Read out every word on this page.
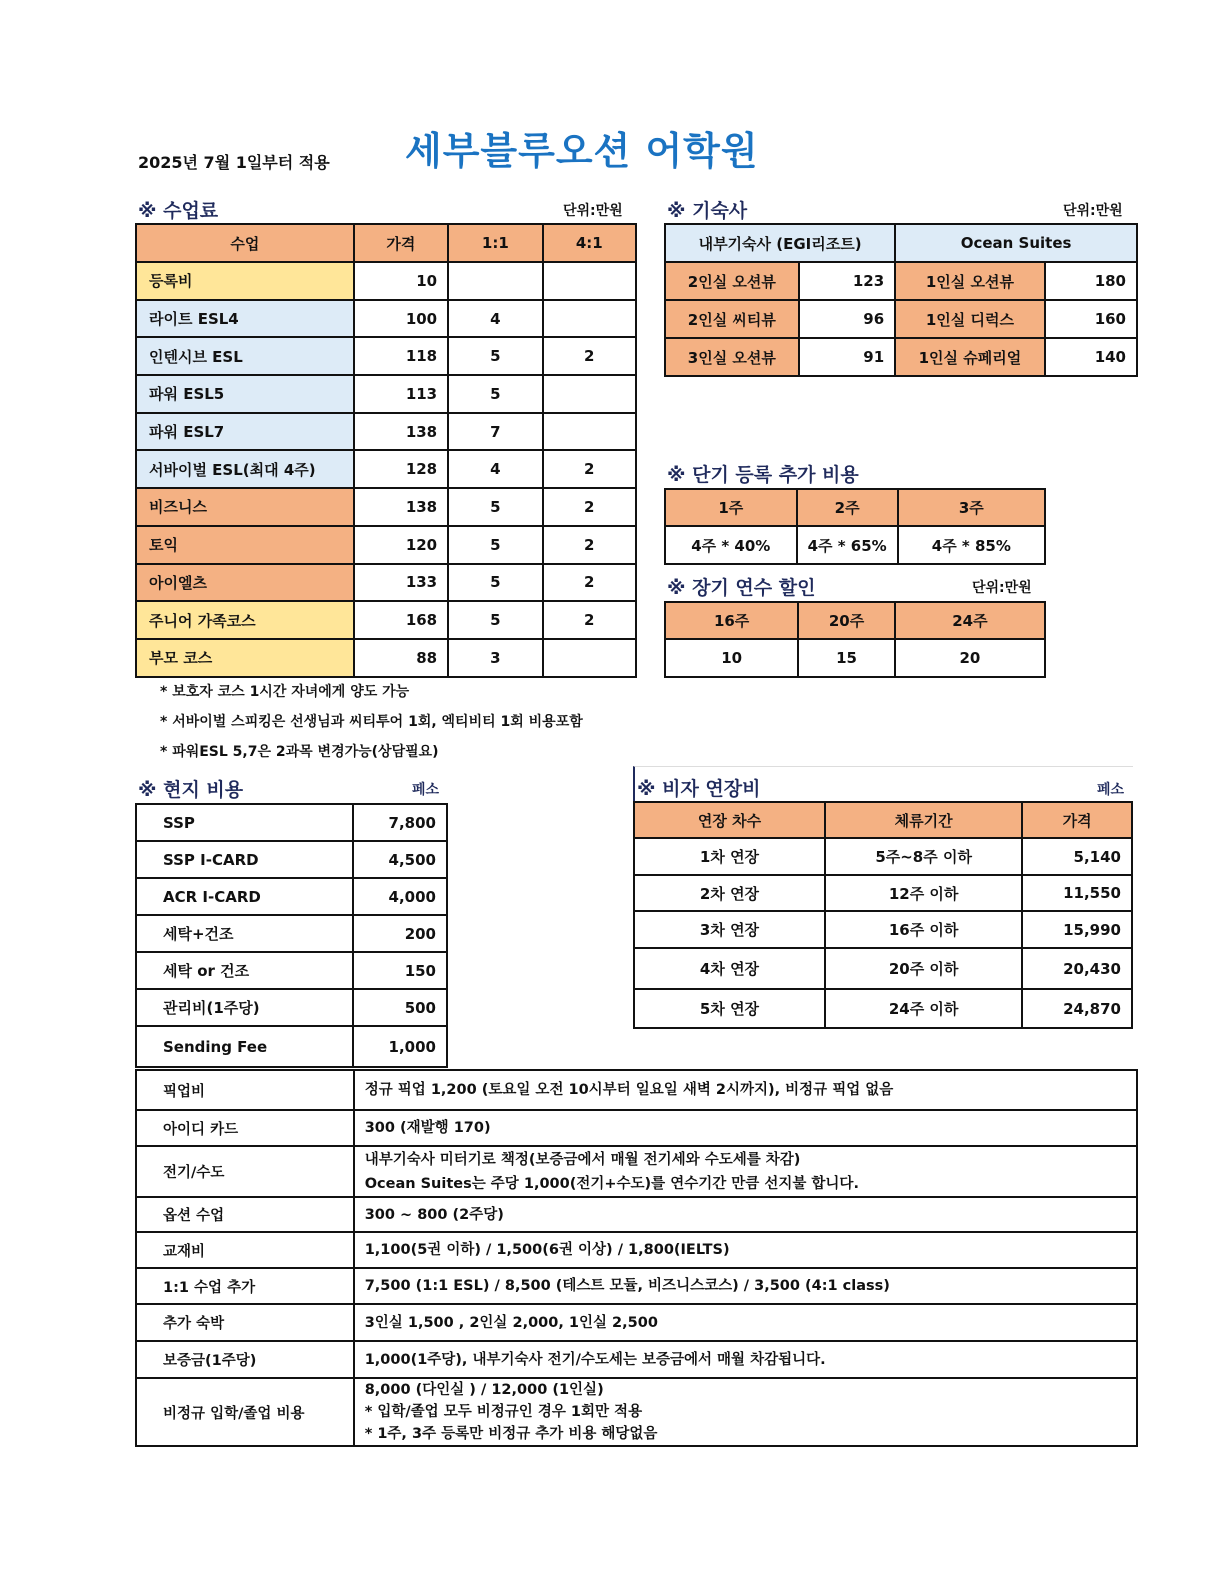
2025년 7월 1일부터 적용 세부블루오션 어학원
※ 수업료	단위:만원
수업	가격	1:1	4:1
등록비	10		
라이트 ESL4	100	4	
인텐시브 ESL	118	5	2
파워 ESL5	113	5	
파워 ESL7	138	7	
서바이벌 ESL(최대 4주)	128	4	2
비즈니스	138	5	2
토익	120	5	2
아이엘츠	133	5	2
주니어 가족코스	168	5	2
부모 코스	88	3	
* 보호자 코스 1시간 자녀에게 양도 가능
* 서바이벌 스피킹은 선생님과 씨티투어 1회, 엑티비티 1회 비용포함
* 파워ESL 5,7은 2과목 변경가능(상담필요)
※ 기숙사	단위:만원
내부기숙사 (EGI리조트)		Ocean Suites	
2인실 오션뷰	123	1인실 오션뷰	180
2인실 씨티뷰	96	1인실 디럭스	160
3인실 오션뷰	91	1인실 슈페리얼	140
※ 단기 등록 추가 비용
1주	2주	3주
4주 * 40%	4주 * 65%	4주 * 85%
※ 장기 연수 할인	단위:만원
16주	20주	24주
10	15	20
※ 현지 비용	페소
SSP	7,800
SSP I-CARD	4,500
ACR I-CARD	4,000
세탁+건조	200
세탁 or 건조	150
관리비(1주당)	500
Sending Fee	1,000
※ 비자 연장비	페소
연장 차수	체류기간	가격
1차 연장	5주~8주 이하	5,140
2차 연장	12주 이하	11,550
3차 연장	16주 이하	15,990
4차 연장	20주 이하	20,430
5차 연장	24주 이하	24,870
픽업비	정규 픽업 1,200 (토요일 오전 10시부터 일요일 새벽 2시까지), 비정규 픽업 없음

아이디 카드	300 (재발행 170)

전기/수도	내부기숙사 미터기로 책정(보증금에서 매월 전기세와 수도세를 차감)
Ocean Suites는 주당 1,000(전기+수도)를 연수기간 만큼 선지불 합니다.

옵션 수업	300 ~ 800 (2주당)

교재비	1,100(5권 이하) / 1,500(6권 이상) / 1,800(IELTS)

1:1 수업 추가	7,500 (1:1 ESL) / 8,500 (테스트 모듈, 비즈니스코스) / 3,500 (4:1 class)

추가 숙박	3인실 1,500 , 2인실 2,000, 1인실 2,500

보증금(1주당)	1,000(1주당), 내부기숙사 전기/수도세는 보증금에서 매월 차감됩니다.

비정규 입학/졸업 비용	8,000 (다인실 ) / 12,000 (1인실)
* 입학/졸업 모두 비정규인 경우 1회만 적용
* 1주, 3주 등록만 비정규 추가 비용 해당없음
